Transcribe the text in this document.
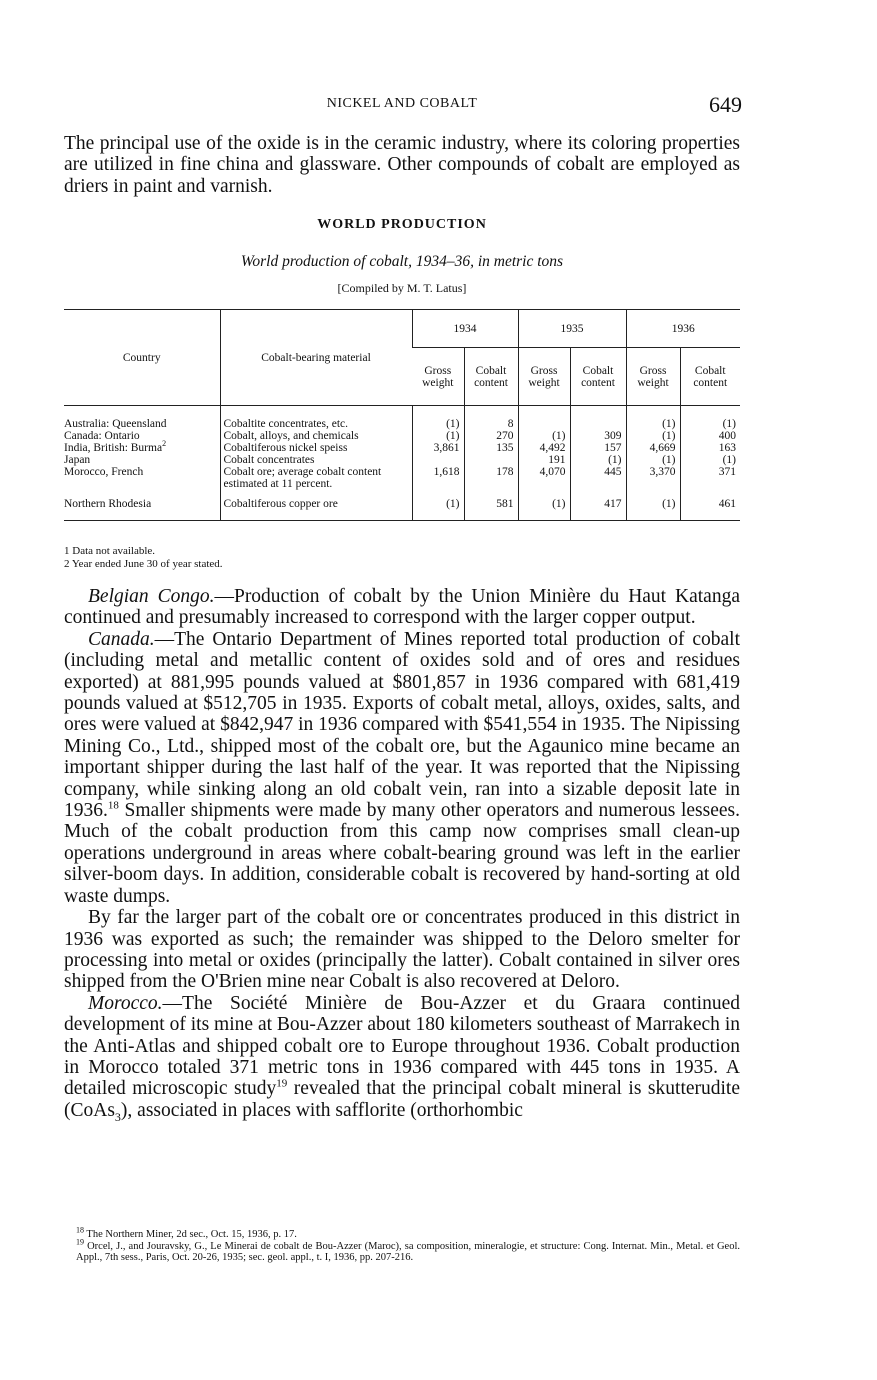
NICKEL AND COBALT	649

The principal use of the oxide is in the ceramic industry, where its coloring properties are utilized in fine china and glassware. Other compounds of cobalt are employed as driers in paint and varnish.

WORLD PRODUCTION
World production of cobalt, 1934–36, in metric tons
[Compiled by M. T. Latus]
Country	Cobalt-bearing material	1934		1935		1936	
		Gross weight	Cobalt content	Gross weight	Cobalt content	Gross weight	Cobalt content
Australia: Queensland	Cobaltite concentrates, etc.	(1)	8			(1)	(1)
Canada: Ontario	Cobalt, alloys, and chemicals	(1)	270	(1)	309	(1)	400
India, British: Burma$^2$	Cobaltiferous nickel speiss	3,861	135	4,492	157	4,669	163
Japan	Cobalt concentrates			191	(1)	(1)	(1)
Morocco, French	Cobalt ore; average cobalt content estimated at 11 percent.	1,618	178	4,070	445	3,370	371
Northern Rhodesia	Cobaltiferous copper ore	(1)	581	(1)	417	(1)	461
1 Data not available.
2 Year ended June 30 of year stated.

Belgian Congo.—Production of cobalt by the Union Minière du Haut Katanga continued and presumably increased to correspond with the larger copper output.

Canada.—The Ontario Department of Mines reported total production of cobalt (including metal and metallic content of oxides sold and of ores and residues exported) at 881,995 pounds valued at $801,857 in 1936 compared with 681,419 pounds valued at $512,705 in 1935. Exports of cobalt metal, alloys, oxides, salts, and ores were valued at $842,947 in 1936 compared with $541,554 in 1935. The Nipissing Mining Co., Ltd., shipped most of the cobalt ore, but the Agaunico mine became an important shipper during the last half of the year. It was reported that the Nipissing company, while sinking along an old cobalt vein, ran into a sizable deposit late in 1936.18 Smaller shipments were made by many other operators and numerous lessees. Much of the cobalt production from this camp now comprises small clean-up operations underground in areas where cobalt-bearing ground was left in the earlier silver-boom days. In addition, considerable cobalt is recovered by hand-sorting at old waste dumps.

By far the larger part of the cobalt ore or concentrates produced in this district in 1936 was exported as such; the remainder was shipped to the Deloro smelter for processing into metal or oxides (principally the latter). Cobalt contained in silver ores shipped from the O'Brien mine near Cobalt is also recovered at Deloro.

Morocco.—The Société Minière de Bou-Azzer et du Graara continued development of its mine at Bou-Azzer about 180 kilometers southeast of Marrakech in the Anti-Atlas and shipped cobalt ore to Europe throughout 1936. Cobalt production in Morocco totaled 371 metric tons in 1936 compared with 445 tons in 1935. A detailed microscopic study$^{19}$ revealed that the principal cobalt mineral is skutterudite (CoAs$_3$), associated in places with safflorite (orthorhombic

$^{18}$ The Northern Miner, 2d sec., Oct. 15, 1936, p. 17.

$^{19}$ Orcel, J., and Jouravsky, G., Le Minerai de cobalt de Bou-Azzer (Maroc), sa composition, mineralogie, et structure: Cong. Internat. Min., Metal. et Geol. Appl., 7th sess., Paris, Oct. 20-26, 1935; sec. geol. appl., t. I, 1936, pp. 207-216.
